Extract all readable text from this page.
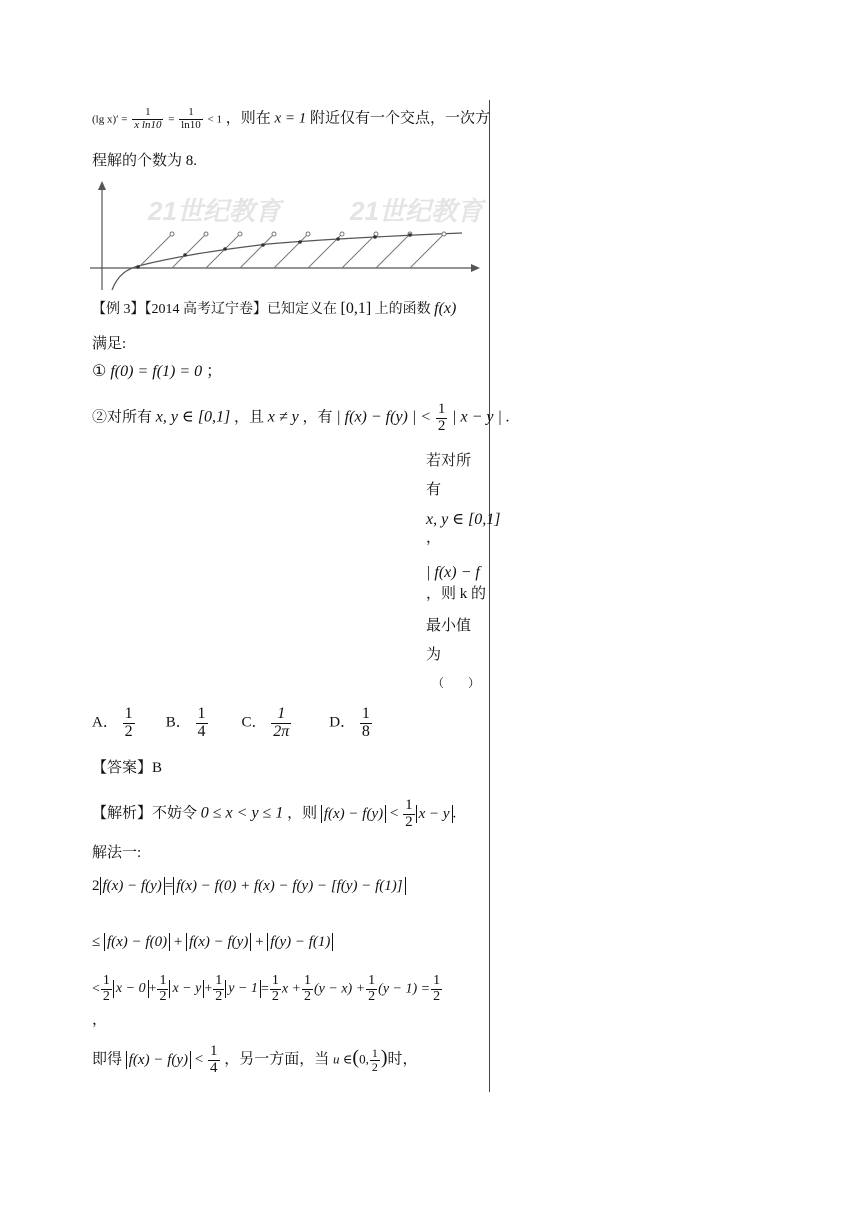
(lg $x)' = \frac{1}{\text{x ln10}} = \frac{1}{\ln 10} < 1$ ，则在 x = 1 附近仅有一个交点，一次方
程解的个数为 8.
21世纪教育	21世纪教育
【例 3】【2014 高考辽宁卷】已知定义在 [0,1] 上的函数 f(x)
满足:
① f(0) = f(1) = 0 ；
②对所有 x, y ∈ [0,1] ，且 x ≠ y ，有 | f(x) − f(y) | < $\frac{1}{2}$ | x − y | .
若对所
有
x, y ∈ [0,1]
，
| f(x) − f
，则 k 的
最小值
为
（　　）
A． $\frac{1}{2}$ B． $\frac{1}{4}$ C． $\frac{1}{2\pi}$	D． $\frac{1}{8}$
【答案】B
【解析】不妨令 0 ≤ x < y ≤ 1 ，则 $f(x) - f(y) < \frac{1}{2}$ x − y .
解法一:
2 f(x) − f(y) = f(x) − f(0) + f(x) − f(y) − [f(y) − f(1)]
≤ f(x) − f(0) + f(x) − f(y) + f(y) − f(1)
< $\frac{1}{2}$ $x - 0 + \frac{1}{2}$ $x - y + \frac{1}{2}$ $y - 1 = \frac{1}{2}$ $x + \frac{1}{2} (y - x) + \frac{1}{2} (y - 1) = \frac{1}{2}$
，
即得 $f(x) - f(y) < \frac{1}{4}$ ，另一方面，当 u ∈(0, $\frac{1}{2}$ )时，
